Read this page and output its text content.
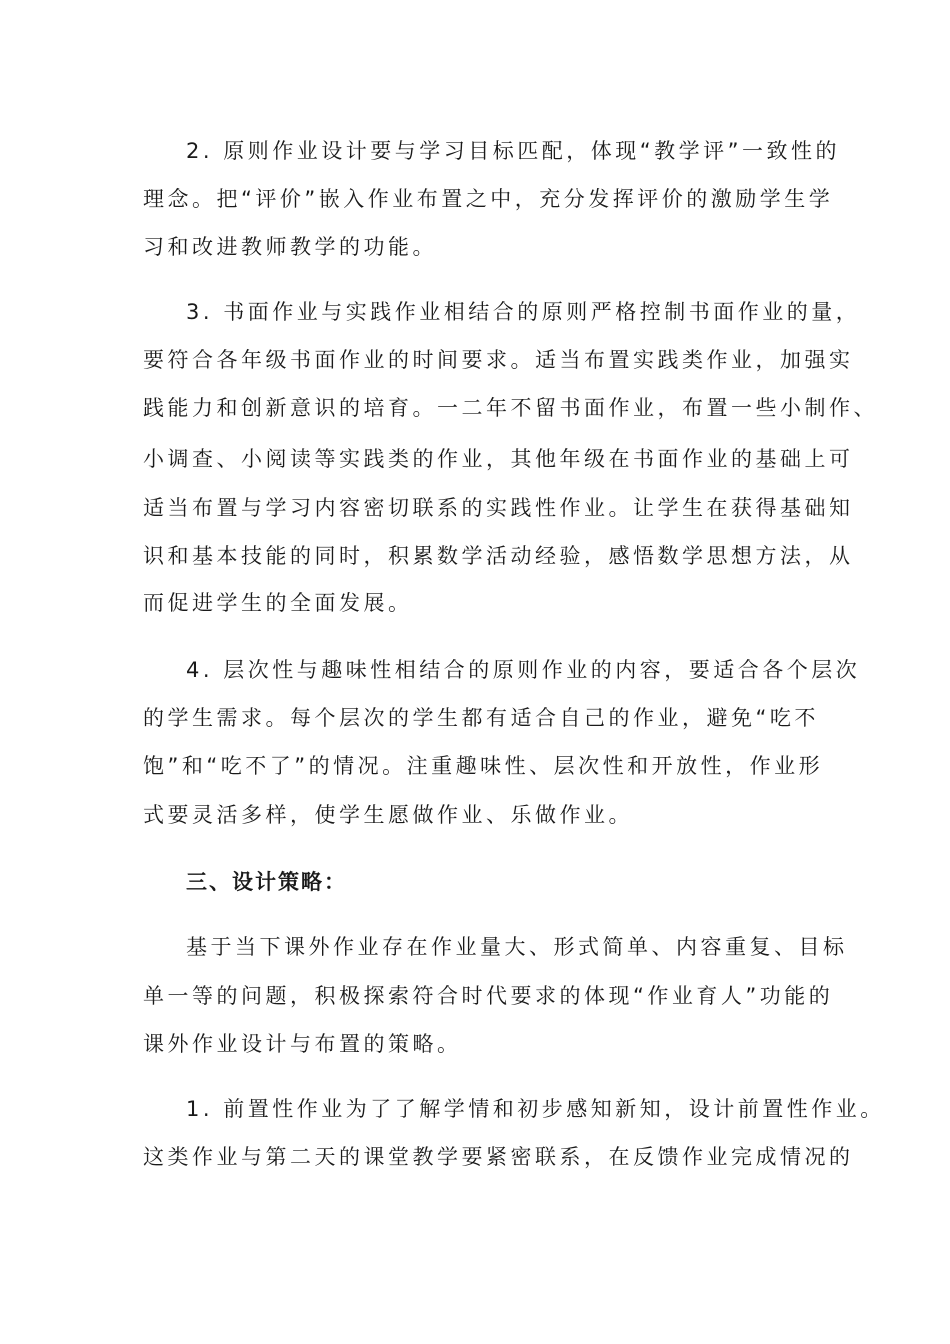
2. 原则作业设计要与学习目标匹配，体现“教学评”一致性的
理念。把“评价”嵌入作业布置之中，充分发挥评价的激励学生学
习和改进教师教学的功能。
3. 书面作业与实践作业相结合的原则严格控制书面作业的量，
要符合各年级书面作业的时间要求。适当布置实践类作业，加强实
践能力和创新意识的培育。一二年不留书面作业，布置一些小制作、
小调查、小阅读等实践类的作业，其他年级在书面作业的基础上可
适当布置与学习内容密切联系的实践性作业。让学生在获得基础知
识和基本技能的同时，积累数学活动经验，感悟数学思想方法，从
而促进学生的全面发展。
4. 层次性与趣味性相结合的原则作业的内容，要适合各个层次
的学生需求。每个层次的学生都有适合自己的作业，避免“吃不
饱”和“吃不了”的情况。注重趣味性、层次性和开放性，作业形
式要灵活多样，使学生愿做作业、乐做作业。
三、设计策略：
基于当下课外作业存在作业量大、形式简单、内容重复、目标
单一等的问题，积极探索符合时代要求的体现“作业育人”功能的
课外作业设计与布置的策略。
1. 前置性作业为了了解学情和初步感知新知，设计前置性作业。
这类作业与第二天的课堂教学要紧密联系，在反馈作业完成情况的
